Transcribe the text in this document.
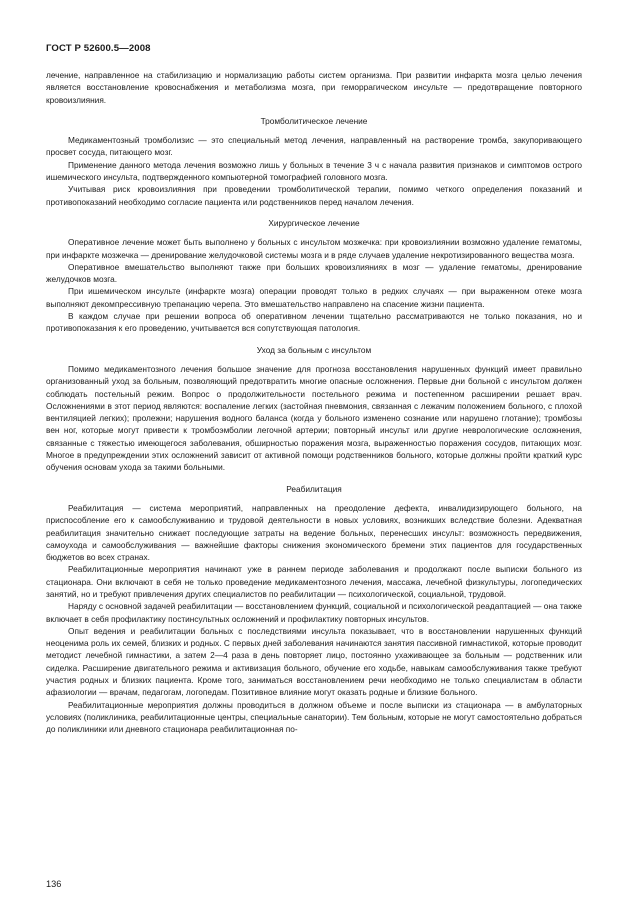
ГОСТ Р 52600.5—2008

лечение, направленное на стабилизацию и нормализацию работы систем организма. При развитии инфаркта мозга целью лечения является восстановление кровоснабжения и метаболизма мозга, при геморрагическом инсульте — предотвращение повторного кровоизлияния.

Тромболитическое лечение

Медикаментозный тромболизис — это специальный метод лечения, направленный на растворение тромба, закупоривающего просвет сосуда, питающего мозг.

Применение данного метода лечения возможно лишь у больных в течение 3 ч с начала развития признаков и симптомов острого ишемического инсульта, подтвержденного компьютерной томографией головного мозга.

Учитывая риск кровоизлияния при проведении тромболитической терапии, помимо четкого определения показаний и противопоказаний необходимо согласие пациента или родственников перед началом лечения.

Хирургическое лечение

Оперативное лечение может быть выполнено у больных с инсультом мозжечка: при кровоизлиянии возможно удаление гематомы, при инфаркте мозжечка — дренирование желудочковой системы мозга и в ряде случаев удаление некротизированного вещества мозга.

Оперативное вмешательство выполняют также при больших кровоизлияниях в мозг — удаление гематомы, дренирование желудочков мозга.

При ишемическом инсульте (инфаркте мозга) операции проводят только в редких случаях — при выраженном отеке мозга выполняют декомпрессивную трепанацию черепа. Это вмешательство направлено на спасение жизни пациента.

В каждом случае при решении вопроса об оперативном лечении тщательно рассматриваются не только показания, но и противопоказания к его проведению, учитывается вся сопутствующая патология.

Уход за больным с инсультом

Помимо медикаментозного лечения большое значение для прогноза восстановления нарушенных функций имеет правильно организованный уход за больным, позволяющий предотвратить многие опасные осложнения. Первые дни больной с инсультом должен соблюдать постельный режим. Вопрос о продолжительности постельного режима и постепенном расширении решает врач. Осложнениями в этот период являются: воспаление легких (застойная пневмония, связанная с лежачим положением больного, с плохой вентиляцией легких); пролежни; нарушения водного баланса (когда у больного изменено сознание или нарушено глотание); тромбозы вен ног, которые могут привести к тромбоэмболии легочной артерии; повторный инсульт или другие неврологические осложнения, связанные с тяжестью имеющегося заболевания, обширностью поражения мозга, выраженностью поражения сосудов, питающих мозг. Многое в предупреждении этих осложнений зависит от активной помощи родственников больного, которые должны пройти краткий курс обучения основам ухода за такими больными.

Реабилитация

Реабилитация — система мероприятий, направленных на преодоление дефекта, инвалидизирующего больного, на приспособление его к самообслуживанию и трудовой деятельности в новых условиях, возникших вследствие болезни. Адекватная реабилитация значительно снижает последующие затраты на ведение больных, перенесших инсульт: возможность передвижения, самоухода и самообслуживания — важнейшие факторы снижения экономического бремени этих пациентов для государственных бюджетов во всех странах.

Реабилитационные мероприятия начинают уже в раннем периоде заболевания и продолжают после выписки больного из стационара. Они включают в себя не только проведение медикаментозного лечения, массажа, лечебной физкультуры, логопедических занятий, но и требуют привлечения других специалистов по реабилитации — психологической, социальной, трудовой.

Наряду с основной задачей реабилитации — восстановлением функций, социальной и психологической реадаптацией — она также включает в себя профилактику постинсультных осложнений и профилактику повторных инсультов.

Опыт ведения и реабилитации больных с последствиями инсульта показывает, что в восстановлении нарушенных функций неоценима роль их семей, близких и родных. С первых дней заболевания начинаются занятия пассивной гимнастикой, которые проводит методист лечебной гимнастики, а затем 2—4 раза в день повторяет лицо, постоянно ухаживающее за больным — родственник или сиделка. Расширение двигательного режима и активизация больного, обучение его ходьбе, навыкам самообслуживания также требуют участия родных и близких пациента. Кроме того, заниматься восстановлением речи необходимо не только специалистам в области афазиологии — врачам, педагогам, логопедам. Позитивное влияние могут оказать родные и близкие больного.

Реабилитационные мероприятия должны проводиться в должном объеме и после выписки из стационара — в амбулаторных условиях (поликлиника, реабилитационные центры, специальные санатории). Тем больным, которые не могут самостоятельно добраться до поликлиники или дневного стационара реабилитационная по-

136
